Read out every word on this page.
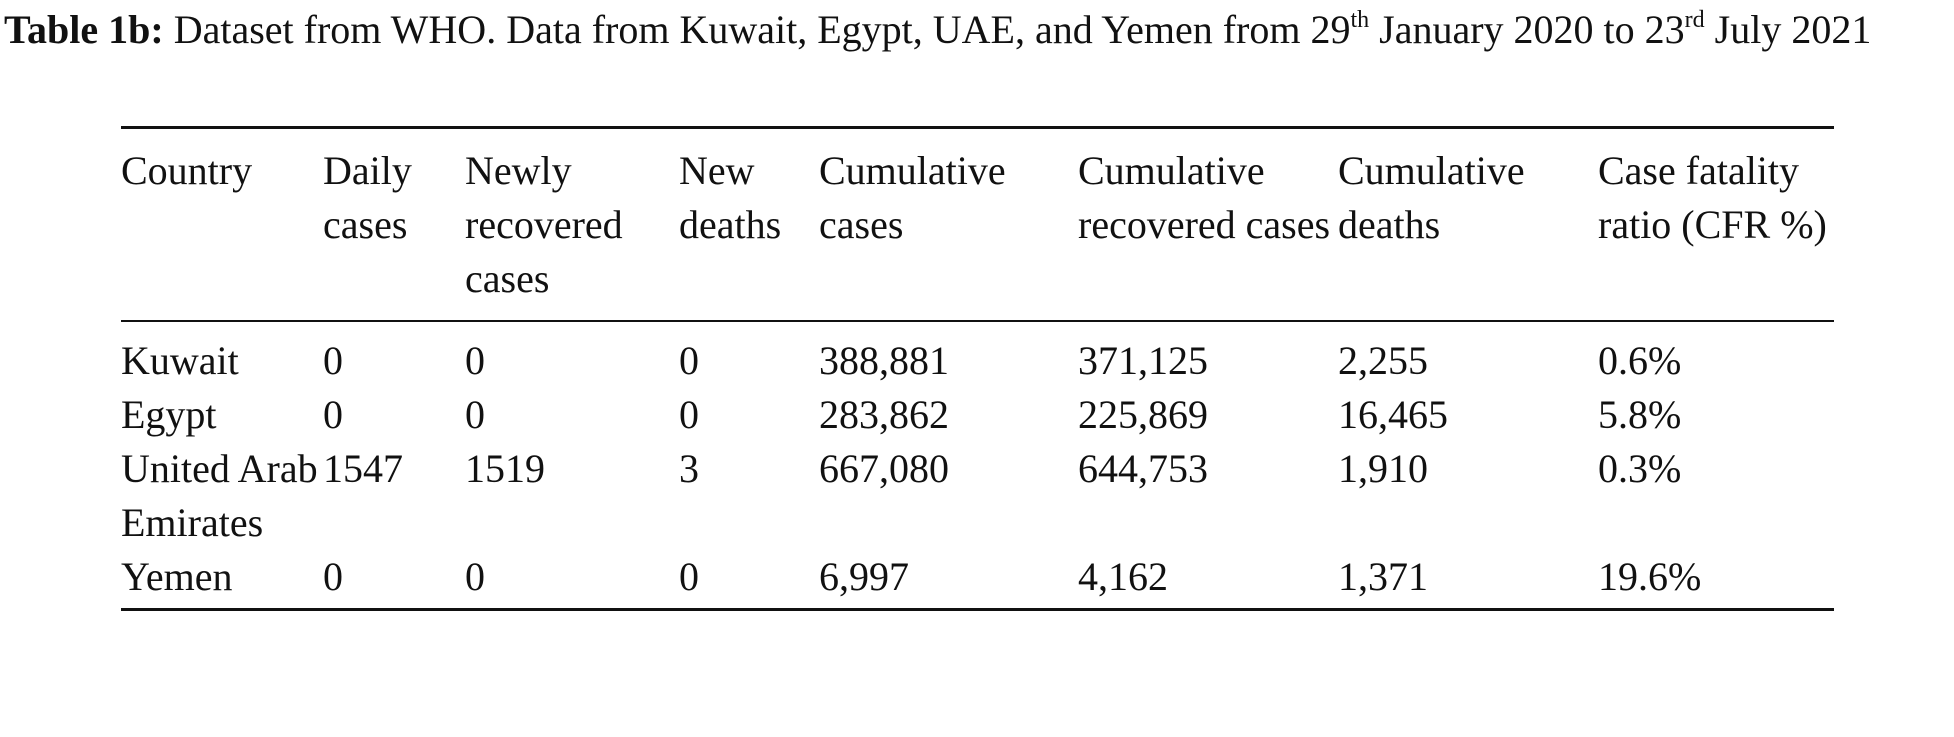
Table 1b: Dataset from WHO. Data from Kuwait, Egypt, UAE, and Yemen from 29th January 2020 to 23rd July 2021

Country	Daily cases	Newly recovered cases	New deaths	Cumulative cases	Cumulative recovered cases	Cumulative deaths	Case fatality ratio (CFR %)
Kuwait	0	0	0	388,881	371,125	2,255	0.6%
Egypt	0	0	0	283,862	225,869	16,465	5.8%
United Arab Emirates	1547	1519	3	667,080	644,753	1,910	0.3%
Yemen	0	0	0	6,997	4,162	1,371	19.6%
